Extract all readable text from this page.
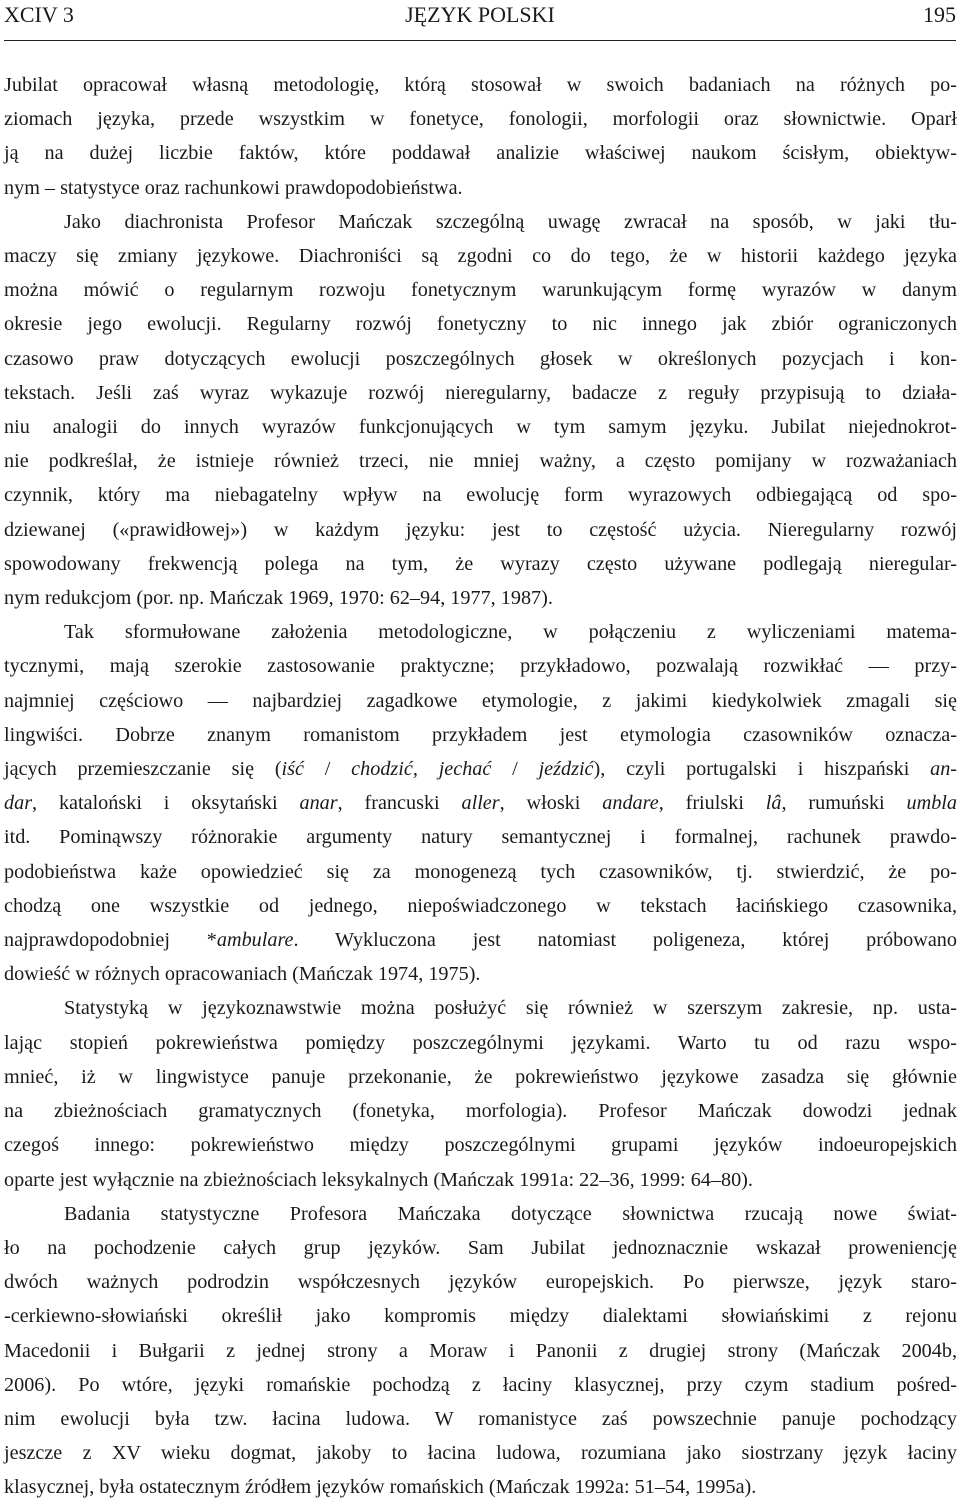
XCIV 3	JĘZYK POLSKI	195
Jubilat opracował własną metodologię, którą stosował w swoich badaniach na różnych po-
ziomach języka, przede wszystkim w fonetyce, fonologii, morfologii oraz słownictwie. Oparł
ją na dużej liczbie faktów, które poddawał analizie właściwej naukom ścisłym, obiektyw-
nym – statystyce oraz rachunkowi prawdopodobieństwa.
Jako diachronista Profesor Mańczak szczególną uwagę zwracał na sposób, w jaki tłu-
maczy się zmiany językowe. Diachroniści są zgodni co do tego, że w historii każdego języka
można mówić o regularnym rozwoju fonetycznym warunkującym formę wyrazów w danym
okresie jego ewolucji. Regularny rozwój fonetyczny to nic innego jak zbiór ograniczonych
czasowo praw dotyczących ewolucji poszczególnych głosek w określonych pozycjach i kon-
tekstach. Jeśli zaś wyraz wykazuje rozwój nieregularny, badacze z reguły przypisują to działa-
niu analogii do innych wyrazów funkcjonujących w tym samym języku. Jubilat niejednokrot-
nie podkreślał, że istnieje również trzeci, nie mniej ważny, a często pomijany w rozważaniach
czynnik, który ma niebagatelny wpływ na ewolucję form wyrazowych odbiegającą od spo-
dziewanej («prawidłowej») w każdym języku: jest to częstość użycia. Nieregularny rozwój
spowodowany frekwencją polega na tym, że wyrazy często używane podlegają nieregular-
nym redukcjom (por. np. Mańczak 1969, 1970: 62–94, 1977, 1987).
Tak sformułowane założenia metodologiczne, w połączeniu z wyliczeniami matema-
tycznymi, mają szerokie zastosowanie praktyczne; przykładowo, pozwalają rozwikłać — przy-
najmniej częściowo — najbardziej zagadkowe etymologie, z jakimi kiedykolwiek zmagali się
lingwiści. Dobrze znanym romanistom przykładem jest etymologia czasowników oznacza-
jących przemieszczanie się (iść / chodzić, jechać / jeździć), czyli portugalski i hiszpański an-
dar, kataloński i oksytański anar, francuski aller, włoski andare, friulski lâ, rumuński umbla
itd. Pominąwszy różnorakie argumenty natury semantycznej i formalnej, rachunek prawdo-
podobieństwa każe opowiedzieć się za monogenezą tych czasowników, tj. stwierdzić, że po-
chodzą one wszystkie od jednego, niepoświadczonego w tekstach łacińskiego czasownika,
najprawdopodobniej *ambulare. Wykluczona jest natomiast poligeneza, której próbowano
dowieść w różnych opracowaniach (Mańczak 1974, 1975).
Statystyką w językoznawstwie można posłużyć się również w szerszym zakresie, np. usta-
lając stopień pokrewieństwa pomiędzy poszczególnymi językami. Warto tu od razu wspo-
mnieć, iż w lingwistyce panuje przekonanie, że pokrewieństwo językowe zasadza się głównie
na zbieżnościach gramatycznych (fonetyka, morfologia). Profesor Mańczak dowodzi jednak
czegoś innego: pokrewieństwo między poszczególnymi grupami języków indoeuropejskich
oparte jest wyłącznie na zbieżnościach leksykalnych (Mańczak 1991a: 22–36, 1999: 64–80).
Badania statystyczne Profesora Mańczaka dotyczące słownictwa rzucają nowe świat-
ło na pochodzenie całych grup języków. Sam Jubilat jednoznacznie wskazał proweniencję
dwóch ważnych podrodzin współczesnych języków europejskich. Po pierwsze, język staro-
-cerkiewno-słowiański określił jako kompromis między dialektami słowiańskimi z rejonu
Macedonii i Bułgarii z jednej strony a Moraw i Panonii z drugiej strony (Mańczak 2004b,
2006). Po wtóre, języki romańskie pochodzą z łaciny klasycznej, przy czym stadium pośred-
nim ewolucji była tzw. łacina ludowa. W romanistyce zaś powszechnie panuje pochodzący
jeszcze z XV wieku dogmat, jakoby to łacina ludowa, rozumiana jako siostrzany język łaciny
klasycznej, była ostatecznym źródłem języków romańskich (Mańczak 1992a: 51–54, 1995a).
